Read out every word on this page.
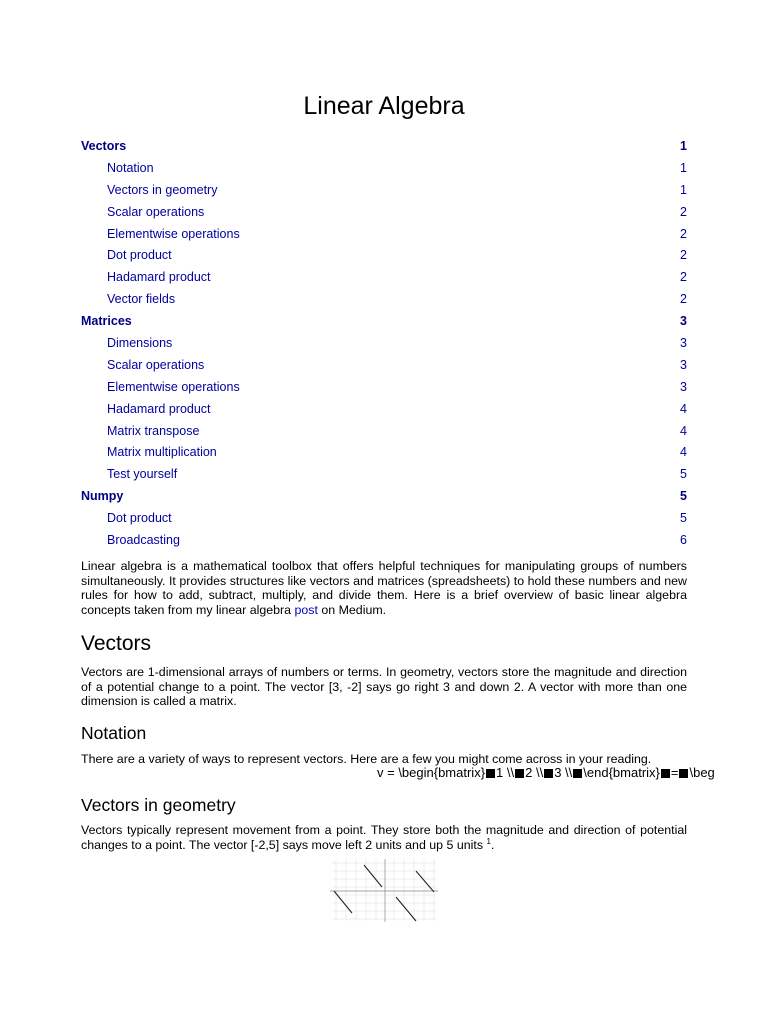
Linear Algebra
Vectors	1
Notation	1
Vectors in geometry	1
Scalar operations	2
Elementwise operations	2
Dot product	2
Hadamard product	2
Vector fields	2
Matrices	3
Dimensions	3
Scalar operations	3
Elementwise operations	3
Hadamard product	4
Matrix transpose	4
Matrix multiplication	4
Test yourself	5
Numpy	5
Dot product	5
Broadcasting	6

Linear algebra is a mathematical toolbox that offers helpful techniques for manipulating groups of numbers simultaneously. It provides structures like vectors and matrices (spreadsheets) to hold these numbers and new rules for how to add, subtract, multiply, and divide them. Here is a brief overview of basic linear algebra concepts taken from my linear algebra post on Medium.

Vectors

Vectors are 1-dimensional arrays of numbers or terms. In geometry, vectors store the magnitude and direction of a potential change to a point. The vector [3, -2] says go right 3 and down 2. A vector with more than one dimension is called a matrix.

Notation

There are a variety of ways to represent vectors. Here are a few you might come across in your reading.

v = \begin{bmatrix} 1 \\ 2 \\ 3 \\ \end{bmatrix} = \beg
Vectors in geometry

Vectors typically represent movement from a point. They store both the magnitude and direction of potential changes to a point. The vector [-2,5] says move left 2 units and up 5 units $^1$.
